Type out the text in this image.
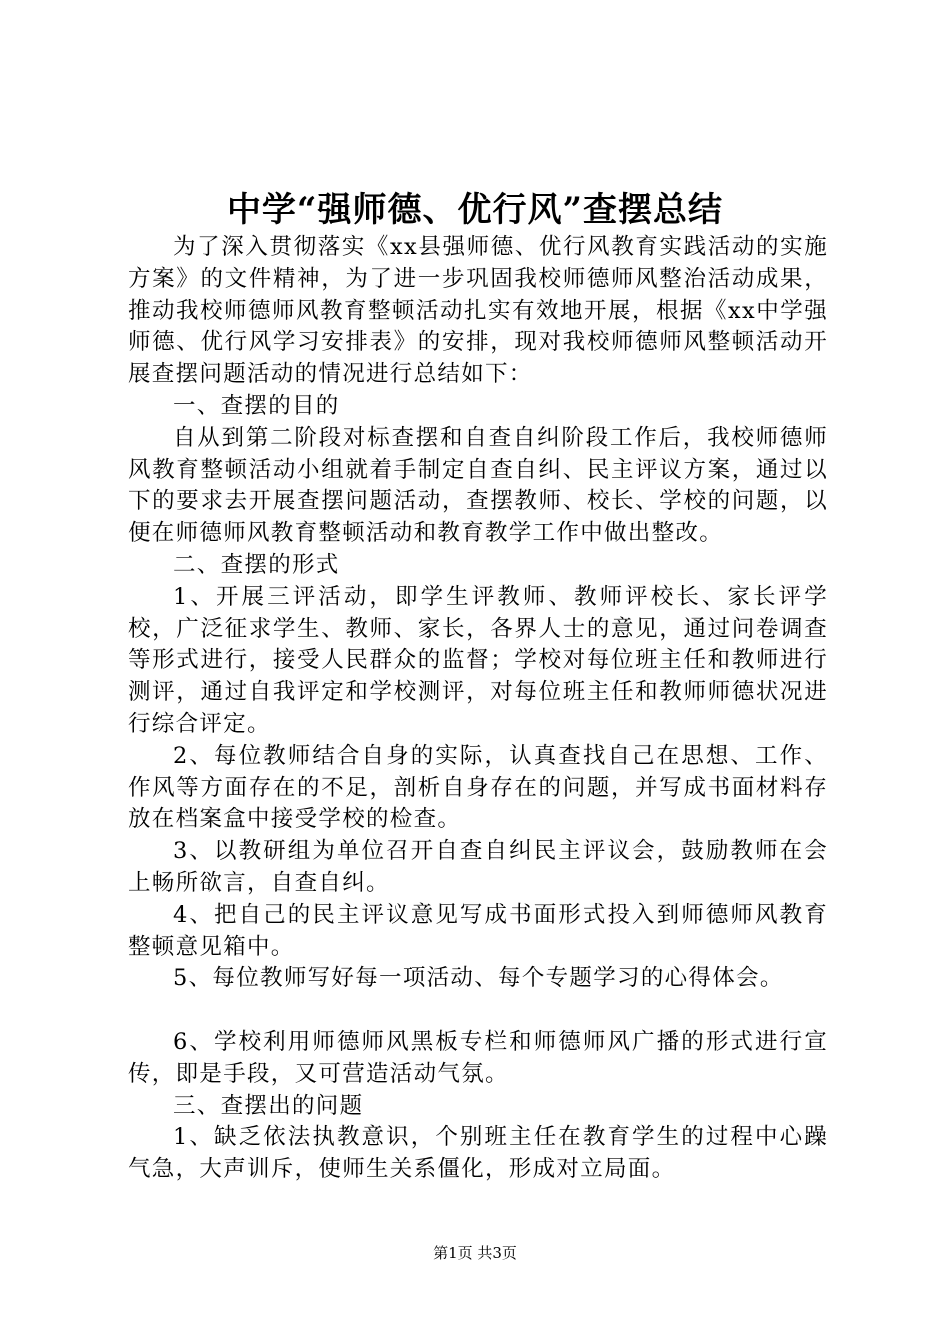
中学“强师德、优行风”查摆总结

为了深入贯彻落实《xx县强师德、优行风教育实践活动的实施方案》的文件精神，为了进一步巩固我校师德师风整治活动成果，推动我校师德师风教育整顿活动扎实有效地开展，根据《xx中学强师德、优行风学习安排表》的安排，现对我校师德师风整顿活动开展查摆问题活动的情况进行总结如下：

一、查摆的目的

自从到第二阶段对标查摆和自查自纠阶段工作后，我校师德师风教育整顿活动小组就着手制定自查自纠、民主评议方案，通过以下的要求去开展查摆问题活动，查摆教师、校长、学校的问题，以便在师德师风教育整顿活动和教育教学工作中做出整改。

二、查摆的形式

1、开展三评活动，即学生评教师、教师评校长、家长评学校，广泛征求学生、教师、家长，各界人士的意见，通过问卷调查等形式进行，接受人民群众的监督；学校对每位班主任和教师进行测评，通过自我评定和学校测评，对每位班主任和教师师德状况进行综合评定。

2、每位教师结合自身的实际，认真查找自己在思想、工作、作风等方面存在的不足，剖析自身存在的问题，并写成书面材料存放在档案盒中接受学校的检查。

3、以教研组为单位召开自查自纠民主评议会，鼓励教师在会上畅所欲言，自查自纠。

4、把自己的民主评议意见写成书面形式投入到师德师风教育整顿意见箱中。

5、每位教师写好每一项活动、每个专题学习的心得体会。

6、学校利用师德师风黑板专栏和师德师风广播的形式进行宣传，即是手段，又可营造活动气氛。

三、查摆出的问题

1、缺乏依法执教意识，个别班主任在教育学生的过程中心躁气急，大声训斥，使师生关系僵化，形成对立局面。

第1页 共3页
